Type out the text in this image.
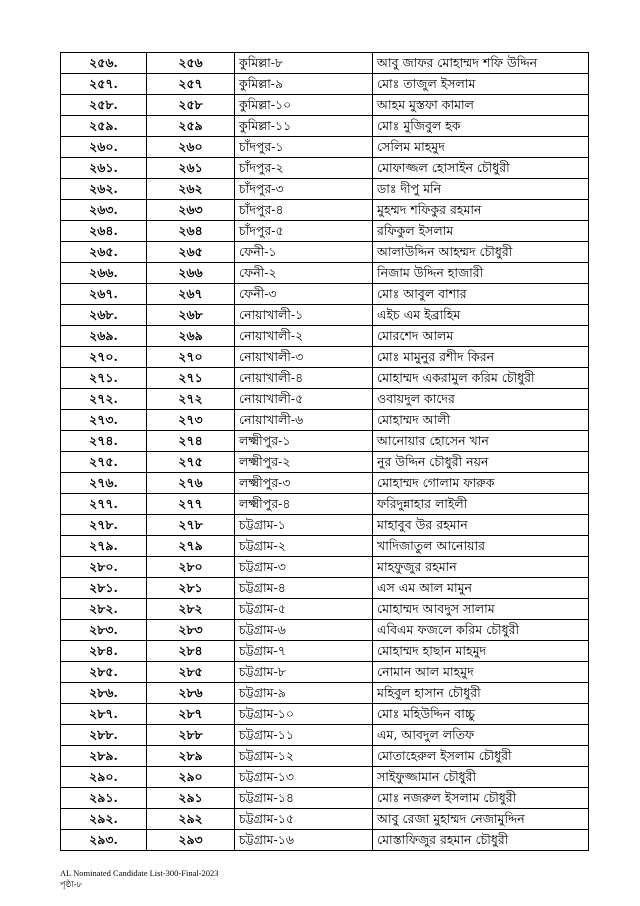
২৫৬.	২৫৬	কুমিল্লা-৮	আবু জাফর মোহাম্মদ শফি উদ্দিন
২৫৭.	২৫৭	কুমিল্লা-৯	মোঃ তাজুল ইসলাম
২৫৮.	২৫৮	কুমিল্লা-১০	আহম মুস্তফা কামাল
২৫৯.	২৫৯	কুমিল্লা-১১	মোঃ মুজিবুল হক
২৬০.	২৬০	চাঁদপুর-১	সেলিম মাহমুদ
২৬১.	২৬১	চাঁদপুর-২	মোফাজ্জল হোসাইন চৌধুরী
২৬২.	২৬২	চাঁদপুর-৩	ডাঃ দীপু মনি
২৬৩.	২৬৩	চাঁদপুর-৪	মুহম্মদ শফিকুর রহমান
২৬৪.	২৬৪	চাঁদপুর-৫	রফিকুল ইসলাম
২৬৫.	২৬৫	ফেনী-১	আলাউদ্দিন আহম্মদ চৌধুরী
২৬৬.	২৬৬	ফেনী-২	নিজাম উদ্দিন হাজারী
২৬৭.	২৬৭	ফেনী-৩	মোঃ আবুল বাশার
২৬৮.	২৬৮	নোয়াখালী-১	এইচ এম ইব্রাহিম
২৬৯.	২৬৯	নোয়াখালী-২	মোরশেদ আলম
২৭০.	২৭০	নোয়াখালী-৩	মোঃ মামুনুর রশীদ কিরন
২৭১.	২৭১	নোয়াখালী-৪	মোহাম্মদ একরামুল করিম চৌধুরী
২৭২.	২৭২	নোয়াখালী-৫	ওবায়দুল কাদের
২৭৩.	২৭৩	নোয়াখালী-৬	মোহাম্মদ আলী
২৭৪.	২৭৪	লক্ষ্মীপুর-১	আনোয়ার হোসেন খান
২৭৫.	২৭৫	লক্ষ্মীপুর-২	নুর উদ্দিন চৌধুরী নয়ন
২৭৬.	২৭৬	লক্ষ্মীপুর-৩	মোহাম্মদ গোলাম ফারুক
২৭৭.	২৭৭	লক্ষ্মীপুর-৪	ফরিদুন্নাহার লাইলী
২৭৮.	২৭৮	চট্টগ্রাম-১	মাহাবুব উর রহমান
২৭৯.	২৭৯	চট্টগ্রাম-২	খাদিজাতুল আনোয়ার
২৮০.	২৮০	চট্টগ্রাম-৩	মাহফুজুর রহমান
২৮১.	২৮১	চট্টগ্রাম-৪	এস এম আল মামুন
২৮২.	২৮২	চট্টগ্রাম-৫	মোহাম্মদ আবদুস সালাম
২৮৩.	২৮৩	চট্টগ্রাম-৬	এবিএম ফজলে করিম চৌধুরী
২৮৪.	২৮৪	চট্টগ্রাম-৭	মোহাম্মদ হাছান মাহমুদ
২৮৫.	২৮৫	চট্টগ্রাম-৮	নোমান আল মাহমুদ
২৮৬.	২৮৬	চট্টগ্রাম-৯	মহিবুল হাসান চৌধুরী
২৮৭.	২৮৭	চট্টগ্রাম-১০	মোঃ মহিউদ্দিন বাচ্চু
২৮৮.	২৮৮	চট্টগ্রাম-১১	এম, আবদুল লতিফ
২৮৯.	২৮৯	চট্টগ্রাম-১২	মোতাহেরুল ইসলাম চৌধুরী
২৯০.	২৯০	চট্টগ্রাম-১৩	সাইফুজ্জামান চৌধুরী
২৯১.	২৯১	চট্টগ্রাম-১৪	মোঃ নজরুল ইসলাম চৌধুরী
২৯২.	২৯২	চট্টগ্রাম-১৫	আবু রেজা মুহাম্মদ নেজামুদ্দিন
২৯৩.	২৯৩	চট্টগ্রাম-১৬	মোস্তাফিজুর রহমান চৌধুরী
AL Nominated Candidate List-300-Final-2023
পৃষ্ঠা-৮
